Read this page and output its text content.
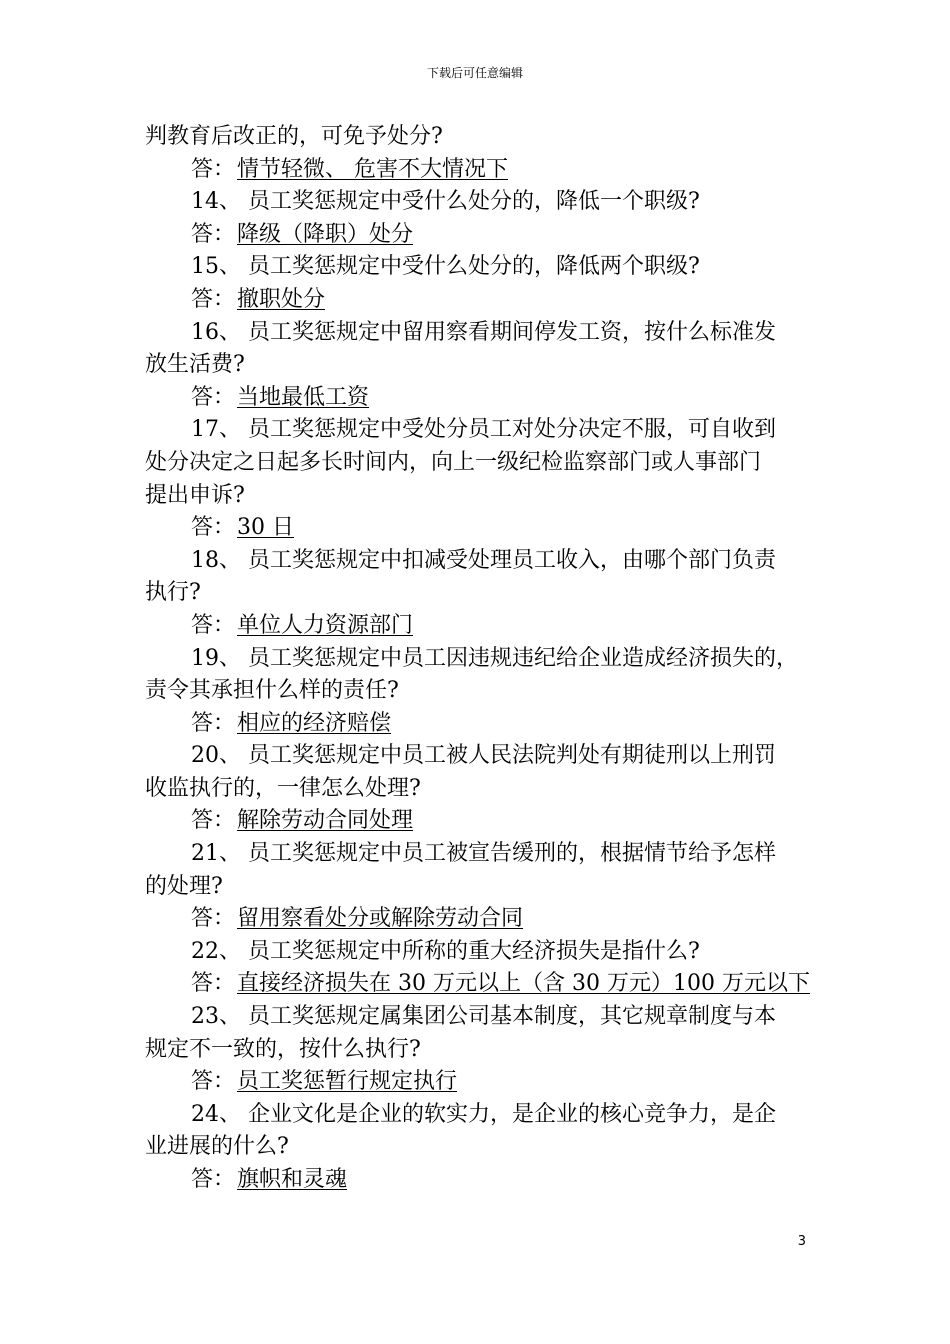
下载后可任意编辑
判教育后改正的，可免予处分?
答：情节轻微、 危害不大情况下
14、 员工奖惩规定中受什么处分的，降低一个职级?
答：降级（降职）处分
15、 员工奖惩规定中受什么处分的，降低两个职级?
答：撤职处分
16、 员工奖惩规定中留用察看期间停发工资，按什么标准发
放生活费?
答：当地最低工资
17、 员工奖惩规定中受处分员工对处分决定不服，可自收到
处分决定之日起多长时间内，向上一级纪检监察部门或人事部门
提出申诉?
答：30 日
18、 员工奖惩规定中扣减受处理员工收入，由哪个部门负责
执行?
答：单位人力资源部门
19、 员工奖惩规定中员工因违规违纪给企业造成经济损失的，
责令其承担什么样的责任?
答：相应的经济赔偿
20、 员工奖惩规定中员工被人民法院判处有期徒刑以上刑罚
收监执行的，一律怎么处理?
答：解除劳动合同处理
21、 员工奖惩规定中员工被宣告缓刑的，根据情节给予怎样
的处理?
答：留用察看处分或解除劳动合同
22、 员工奖惩规定中所称的重大经济损失是指什么?
答：直接经济损失在 30 万元以上（含 30 万元）100 万元以下
23、 员工奖惩规定属集团公司基本制度，其它规章制度与本
规定不一致的，按什么执行?
答：员工奖惩暂行规定执行
24、 企业文化是企业的软实力，是企业的核心竞争力，是企
业进展的什么?
答：旗帜和灵魂
3
